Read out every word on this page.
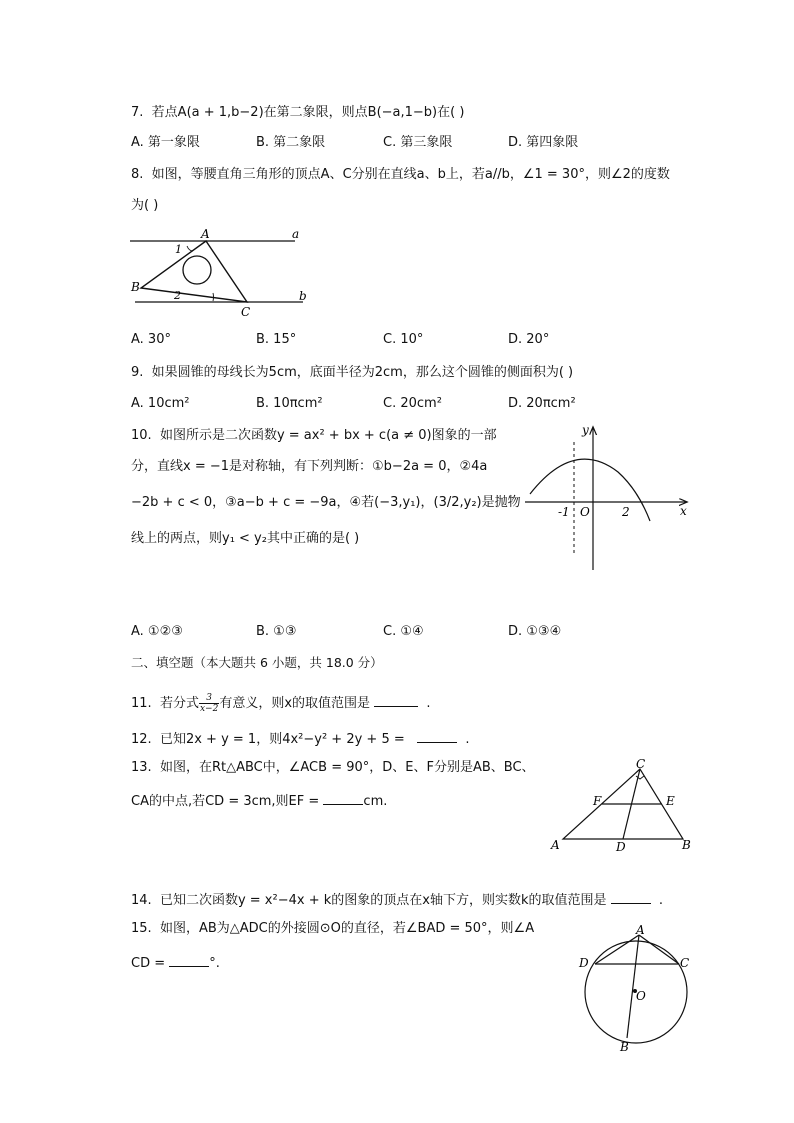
7. 若点A(a + 1,b−2)在第二象限，则点B(−a,1−b)在( )
A. 第一象限	B. 第二象限	C. 第三象限	D. 第四象限
8. 如图，等腰直角三角形的顶点A、C分别在直线a、b上，若a//b，∠1 = 30°，则∠2的度数
为( )
A	a
1
B
2	b
C
A. 30°	B. 15°	C. 10°	D. 20°
9. 如果圆锥的母线长为5cm，底面半径为2cm，那么这个圆锥的侧面积为( )
A. 10cm²	B. 10πcm²	C. 20cm²	D. 20πcm²
10. 如图所示是二次函数y = ax² + bx + c(a ≠ 0)图象的一部
分，直线x = −1是对称轴，有下列判断：①b−2a = 0，②4a
−2b + c < 0，③a−b + c = −9a，④若(−3,y₁)，(3/2,y₂)是抛物
线上的两点，则y₁ < y₂其中正确的是( )
y
x
-1 O	2
A. ①②③	B. ①③	C. ①④	D. ①③④
二、填空题（本大题共 6 小题，共 18.0 分）
11. 若分式 $\frac{3}{x-2}$ 有意义，则x的取值范围是	.
12. 已知2x + y = 1，则4x²−y² + 2y + 5 =	.
13. 如图，在Rt△ABC中，∠ACB = 90°，D、E、F分别是AB、BC、
CA的中点,若CD = 3cm,则EF =	cm.
C
F	E
A	D	B
14. 已知二次函数y = x²−4x + k的图象的顶点在x轴下方，则实数k的取值范围是	.
15. 如图，AB为△ADC的外接圆⊙O的直径，若∠BAD = 50°，则∠A
CD =	°.
A
D	C
O
B
